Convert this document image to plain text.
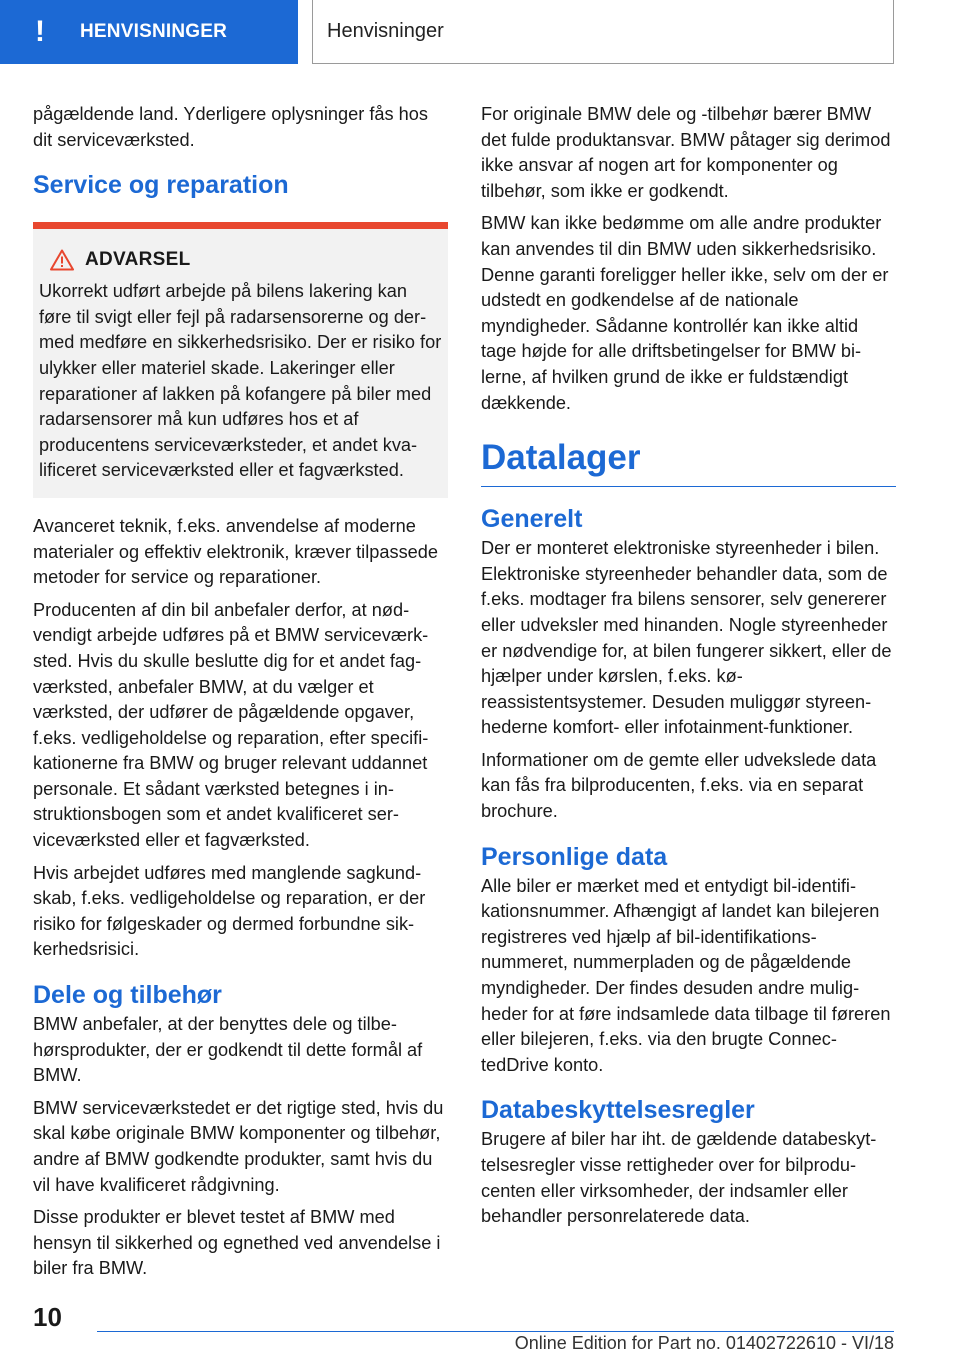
!	HENVISNINGER	Henvisninger

pågældende land. Yderligere oplysninger fås hos dit serviceværksted.

Service og reparation
ADVARSEL

Ukorrekt udført arbejde på bilens lakering kan føre til svigt eller fejl på radarsensorerne og dermed medføre en sikkerhedsrisiko. Der er risiko for ulykker eller materiel skade. Lakeringer eller reparationer af lakken på kofangere på biler med radarsensorer må kun udføres hos et af producentens serviceværksteder, et andet kvalificeret serviceværksted eller et fagværksted.

Avanceret teknik, f.eks. anvendelse af moderne materialer og effektiv elektronik, kræver tilpassede metoder for service og reparationer.

Producenten af din bil anbefaler derfor, at nødvendigt arbejde udføres på et BMW serviceværksted. Hvis du skulle beslutte dig for et andet fagværksted, anbefaler BMW, at du vælger et værksted, der udfører de pågældende opgaver, f.eks. vedligeholdelse og reparation, efter specifikationerne fra BMW og bruger relevant uddannet personale. Et sådant værksted betegnes i instruktionsbogen som et andet kvalificeret serviceværksted eller et fagværksted.

Hvis arbejdet udføres med manglende sagkundskab, f.eks. vedligeholdelse og reparation, er der risiko for følgeskader og dermed forbundne sikkerhedsrisici.

Dele og tilbehør

BMW anbefaler, at der benyttes dele og tilbehørsprodukter, der er godkendt til dette formål af BMW.

BMW serviceværkstedet er det rigtige sted, hvis du skal købe originale BMW komponenter og tilbehør, andre af BMW godkendte produkter, samt hvis du vil have kvalificeret rådgivning.

Disse produkter er blevet testet af BMW med hensyn til sikkerhed og egnethed ved anvendelse i biler fra BMW.

For originale BMW dele og -tilbehør bærer BMW det fulde produktansvar. BMW påtager sig derimod ikke ansvar af nogen art for komponenter og tilbehør, som ikke er godkendt.

BMW kan ikke bedømme om alle andre produkter kan anvendes til din BMW uden sikkerhedsrisiko. Denne garanti foreligger heller ikke, selv om der er udstedt en godkendelse af de nationale myndigheder. Sådanne kontrollér kan ikke altid tage højde for alle driftsbetingelser for BMW bilerne, af hvilken grund de ikke er fuldstændigt dækkende.

Datalager
Generelt

Der er monteret elektroniske styreenheder i bilen. Elektroniske styreenheder behandler data, som de f.eks. modtager fra bilens sensorer, selv genererer eller udveksler med hinanden. Nogle styreenheder er nødvendige for, at bilen fungerer sikkert, eller de hjælper under kørslen, f.eks. køreassistentsystemer. Desuden muliggør styreenhederne komfort- eller infotainment-funktioner.

Informationer om de gemte eller udvekslede data kan fås fra bilproducenten, f.eks. via en separat brochure.

Personlige data

Alle biler er mærket med et entydigt bil-identifikationsnummer. Afhængigt af landet kan bilejeren registreres ved hjælp af bil-identifikationsnummeret, nummerpladen og de pågældende myndigheder. Der findes desuden andre muligheder for at føre indsamlede data tilbage til føreren eller bilejeren, f.eks. via den brugte ConnectedDrive konto.

Databeskyttelsesregler

Brugere af biler har iht. de gældende databeskyttelsesregler visse rettigheder over for bilproducenten eller virksomheder, der indsamler eller behandler personrelaterede data.

10
Online Edition for Part no. 01402722610 - VI/18
